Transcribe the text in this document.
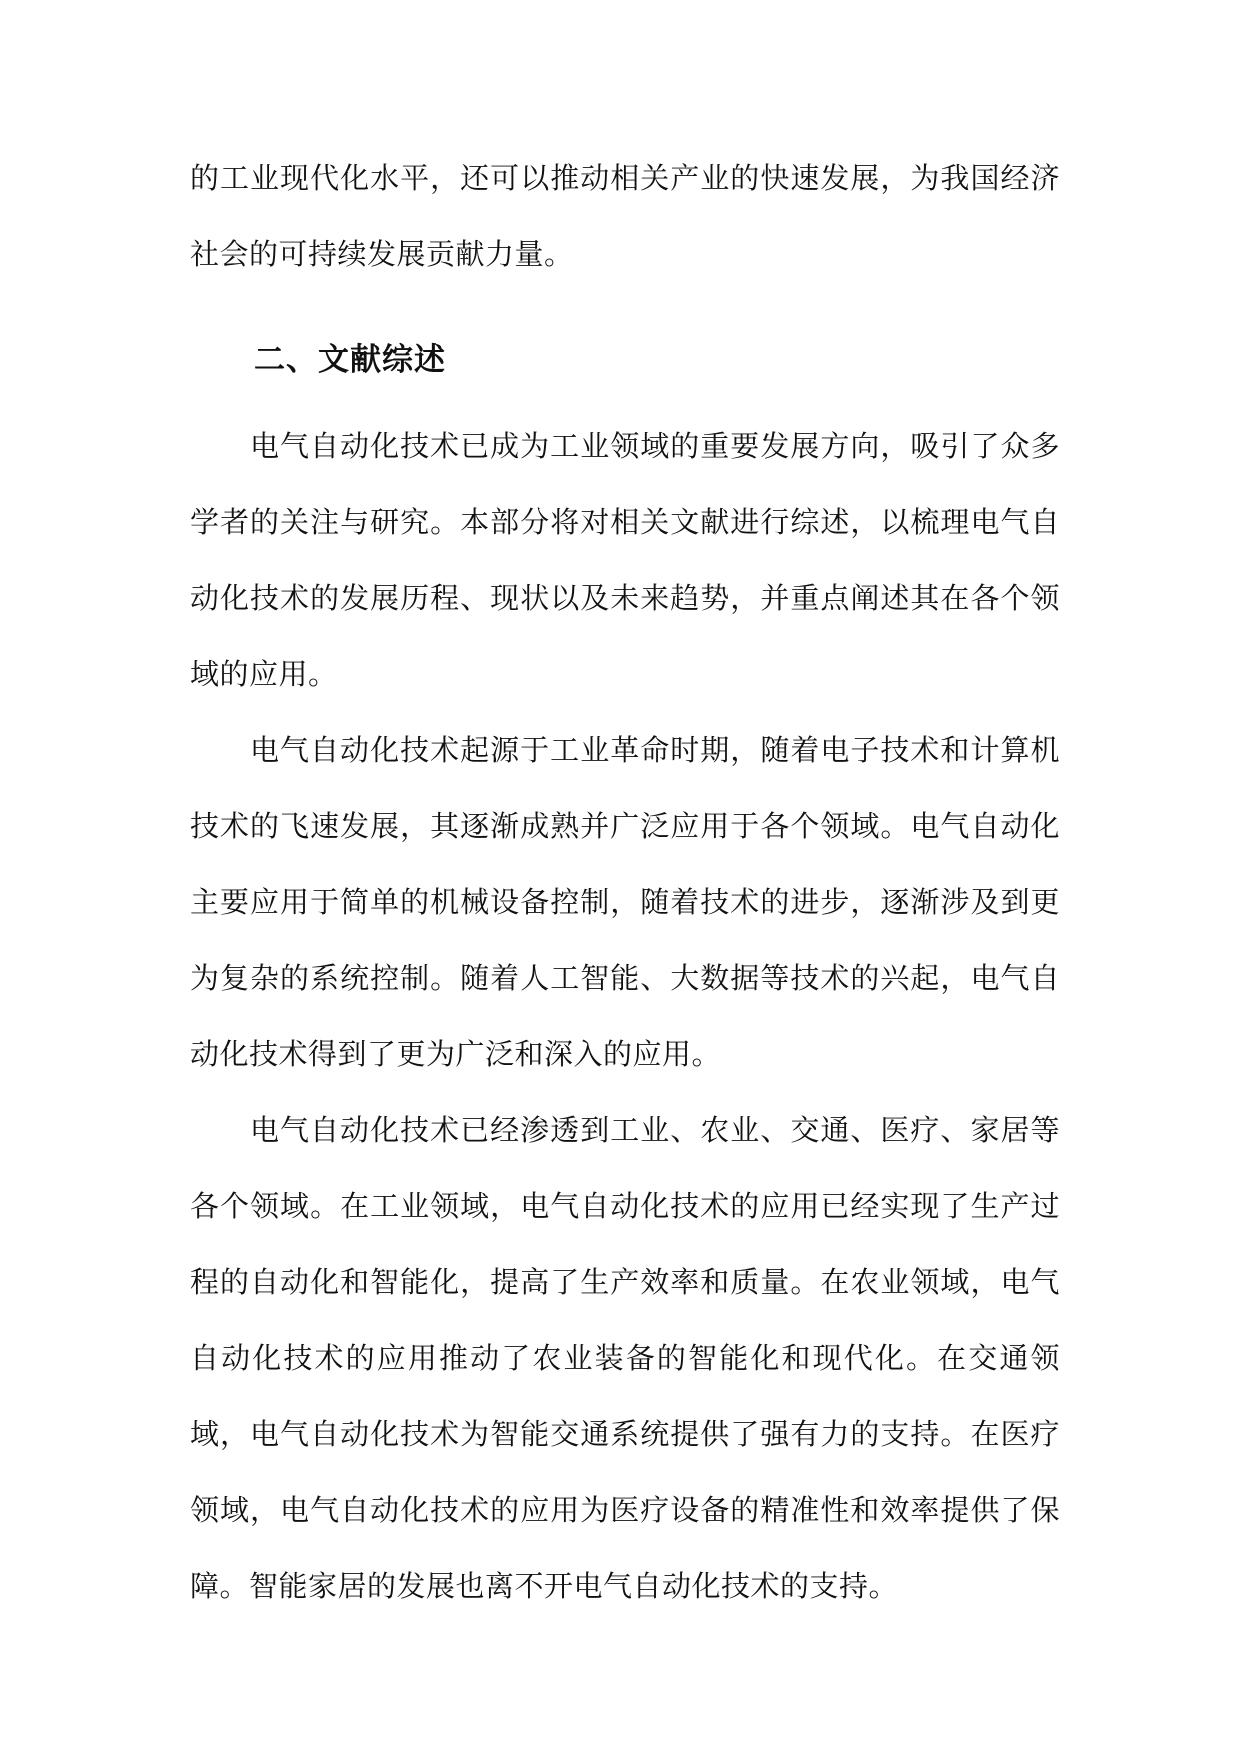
的工业现代化水平，还可以推动相关产业的快速发展，为我国经济社会的可持续发展贡献力量。

二、文献综述

电气自动化技术已成为工业领域的重要发展方向，吸引了众多学者的关注与研究。本部分将对相关文献进行综述，以梳理电气自动化技术的发展历程、现状以及未来趋势，并重点阐述其在各个领域的应用。

电气自动化技术起源于工业革命时期，随着电子技术和计算机技术的飞速发展，其逐渐成熟并广泛应用于各个领域。电气自动化主要应用于简单的机械设备控制，随着技术的进步，逐渐涉及到更为复杂的系统控制。随着人工智能、大数据等技术的兴起，电气自动化技术得到了更为广泛和深入的应用。

电气自动化技术已经渗透到工业、农业、交通、医疗、家居等各个领域。在工业领域，电气自动化技术的应用已经实现了生产过程的自动化和智能化，提高了生产效率和质量。在农业领域，电气自动化技术的应用推动了农业装备的智能化和现代化。在交通领域，电气自动化技术为智能交通系统提供了强有力的支持。在医疗领域，电气自动化技术的应用为医疗设备的精准性和效率提供了保障。智能家居的发展也离不开电气自动化技术的支持。
